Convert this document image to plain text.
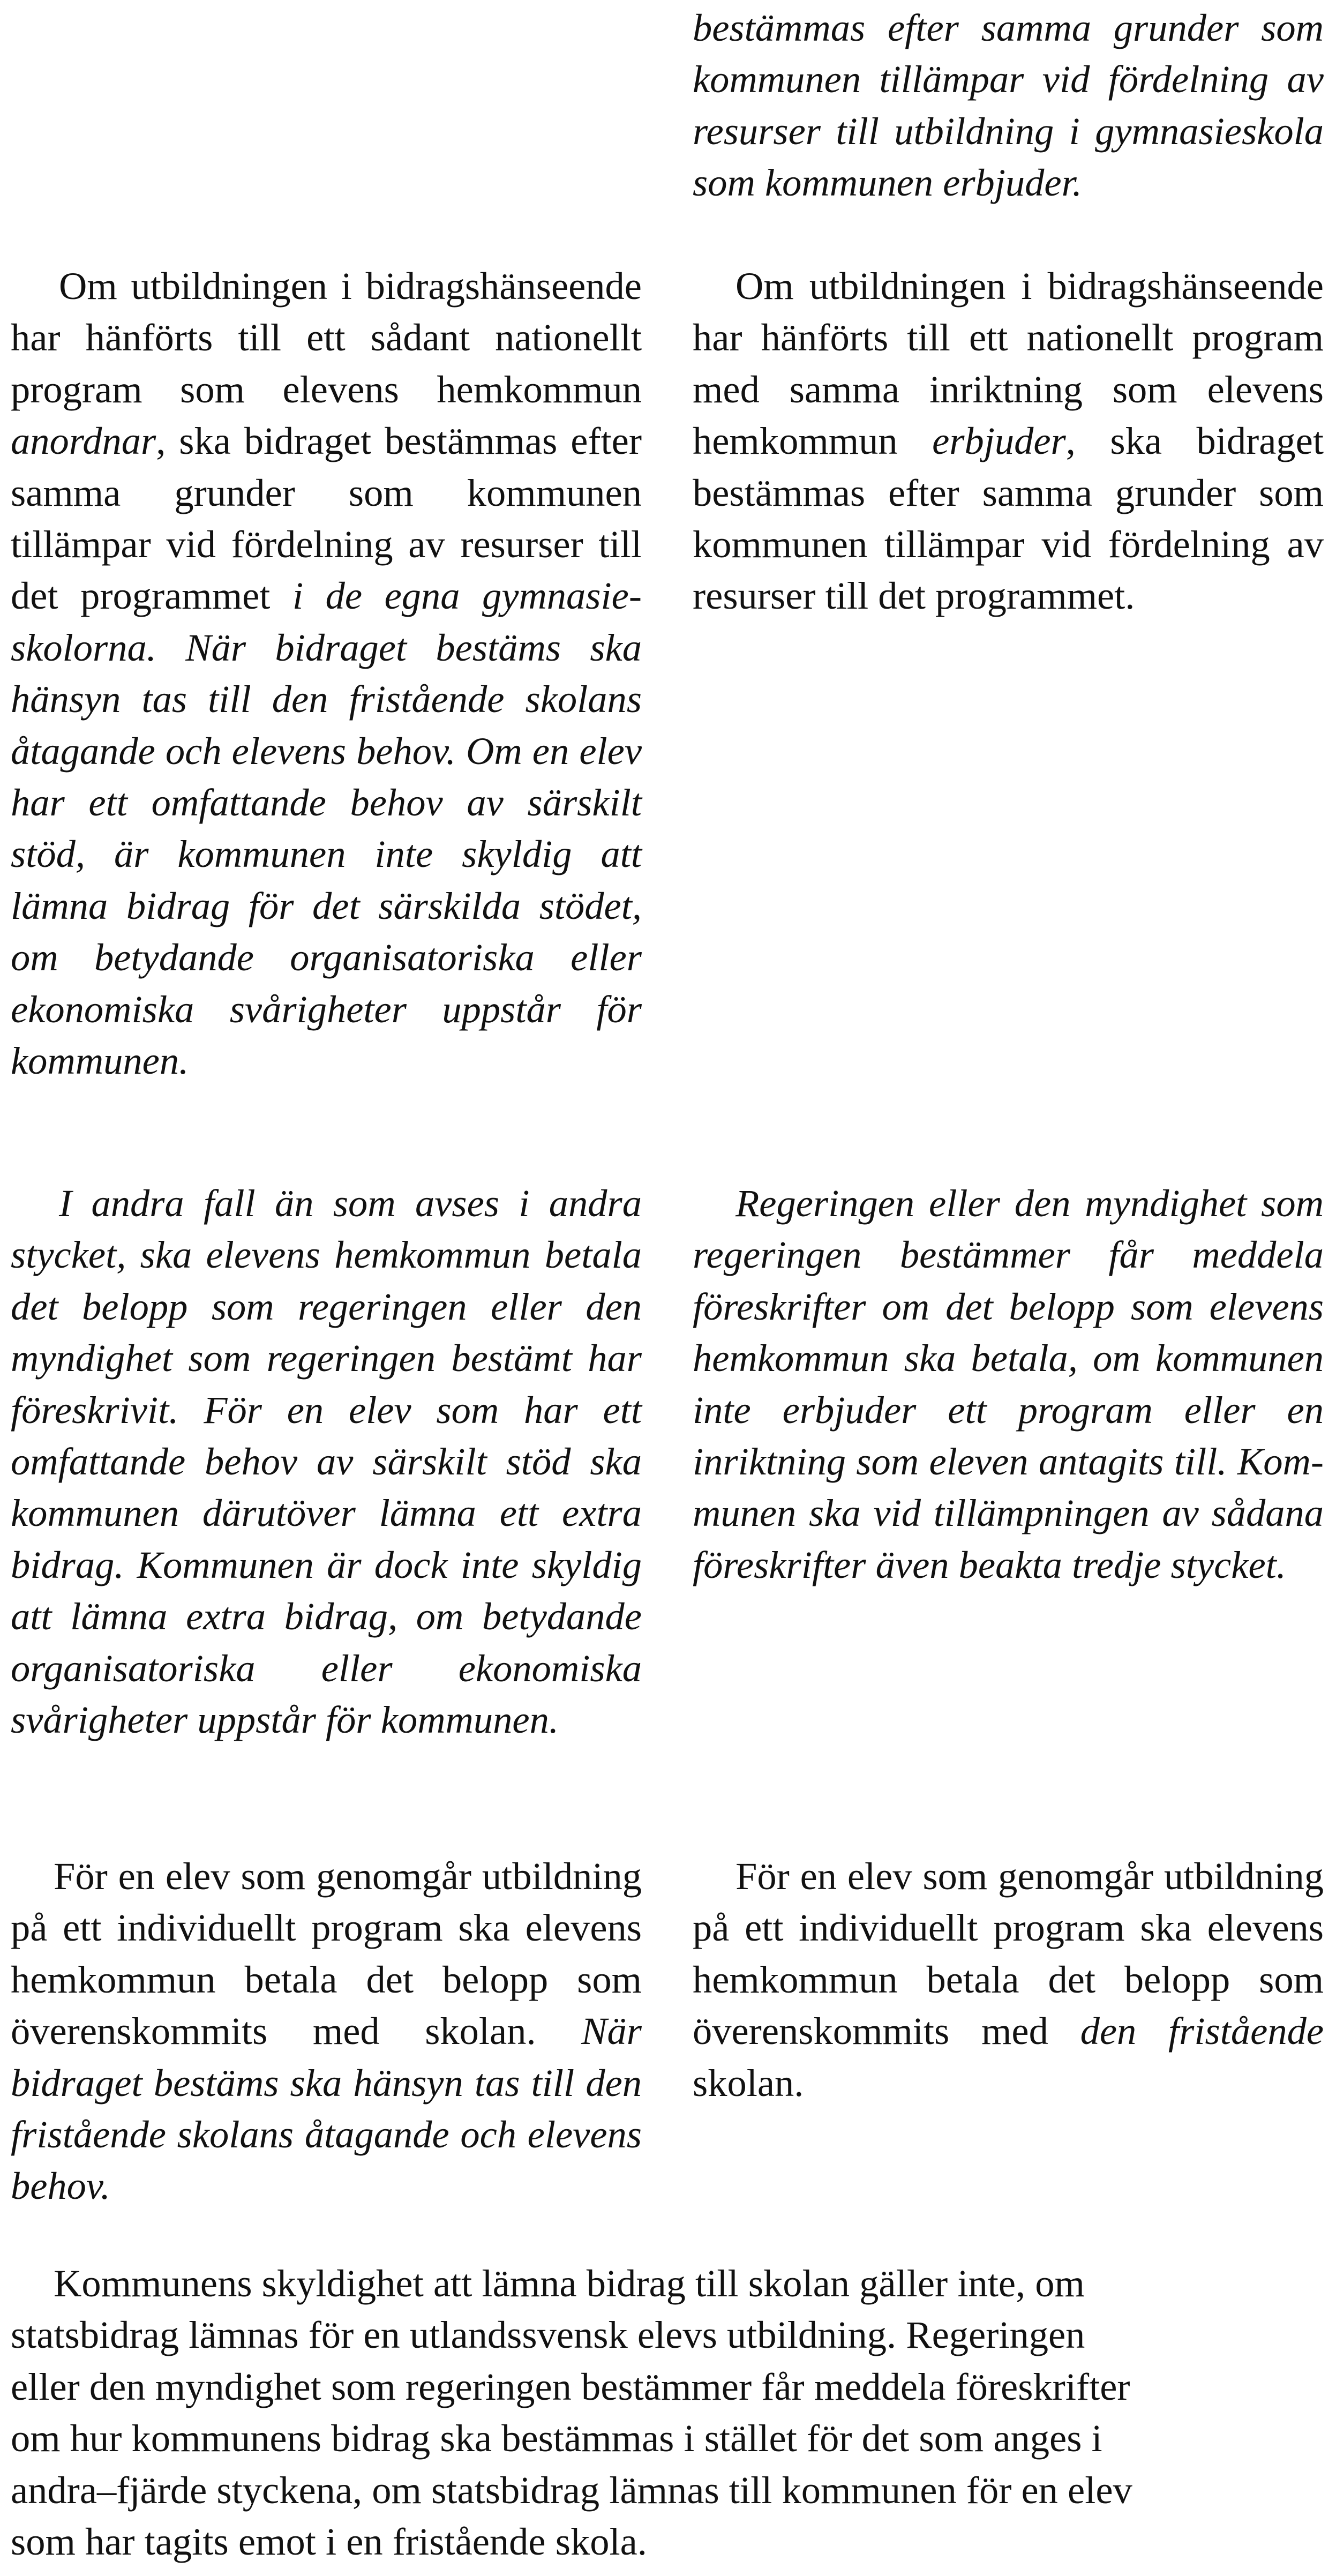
bestämmas efter samma grunder som kommunen tillämpar vid fördelning av resurser till utbildning i gymnasieskola som kommunen erbjuder.

Om utbildningen i bidragshänseende har hänförts till ett sådant nationellt program som elevens hemkommun anordnar, ska bidraget bestämmas efter samma grunder som kommunen tillämpar vid fördelning av resurser till det programmet i de egna gymnasieskolorna. När bidraget bestäms ska hänsyn tas till den fristående skolans åtagande och elevens behov. Om en elev har ett omfattande behov av särskilt stöd, är kommunen inte skyldig att lämna bidrag för det särskilda stödet, om betydande organisatoriska eller ekonomiska svårigheter uppstår för kommunen.

Om utbildningen i bidragshänseende har hänförts till ett nationellt program med samma inriktning som elevens hemkommun erbjuder, ska bidraget bestämmas efter samma grunder som kommunen tillämpar vid fördelning av resurser till det programmet.

I andra fall än som avses i andra stycket, ska elevens hemkommun betala det belopp som regeringen eller den myndighet som regeringen bestämt har föreskrivit. För en elev som har ett omfattande behov av särskilt stöd ska kommunen därutöver lämna ett extra bidrag. Kommunen är dock inte skyldig att lämna extra bidrag, om betydande organisatoriska eller ekonomiska svårigheter uppstår för kommunen.

Regeringen eller den myndighet som regeringen bestämmer får meddela föreskrifter om det belopp som elevens hemkommun ska betala, om kommunen inte erbjuder ett program eller en inriktning som eleven antagits till. Kommunen ska vid tillämpningen av sådana föreskrifter även beakta tredje stycket.

För en elev som genomgår utbildning på ett individuellt program ska elevens hemkommun betala det belopp som överenskommits med skolan. När bidraget bestäms ska hänsyn tas till den fristående skolans åtagande och elevens behov.

För en elev som genomgår utbildning på ett individuellt program ska elevens hemkommun betala det belopp som överenskommits med den fristående skolan.

Kommunens skyldighet att lämna bidrag till skolan gäller inte, om
statsbidrag lämnas för en utlandssvensk elevs utbildning. Regeringen
eller den myndighet som regeringen bestämmer får meddela föreskrifter
om hur kommunens bidrag ska bestämmas i stället för det som anges i
andra–fjärde styckena, om statsbidrag lämnas till kommunen för en elev
som har tagits emot i en fristående skola.
